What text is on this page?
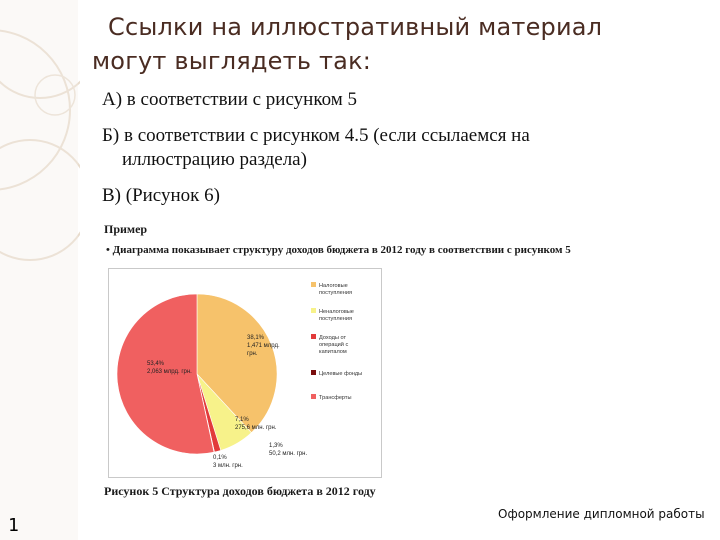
Ссылки на иллюстративный материал
могут выглядеть так:
А) в соответствии с рисунком 5
Б) в соответствии с рисунком 4.5 (если ссылаемся на
иллюстрацию раздела)
В) (Рисунок 6)
Пример
• Диаграмма показывает структуру доходов бюджета в 2012 году в соответствии с рисунком 5
38,1%
1,471 млрд.
грн.
7,1%
275,6 млн. грн.
1,3%
50,2 млн. грн.
0,1%
3 млн. грн.
53,4%
2,063 млрд. грн.
Налоговые
поступления
Неналоговые
поступления
Доходы от
операций с
капиталом
Целевые фонды
Трансферты
Рисунок 5 Структура доходов бюджета в 2012 году
Оформление дипломной работы
1
